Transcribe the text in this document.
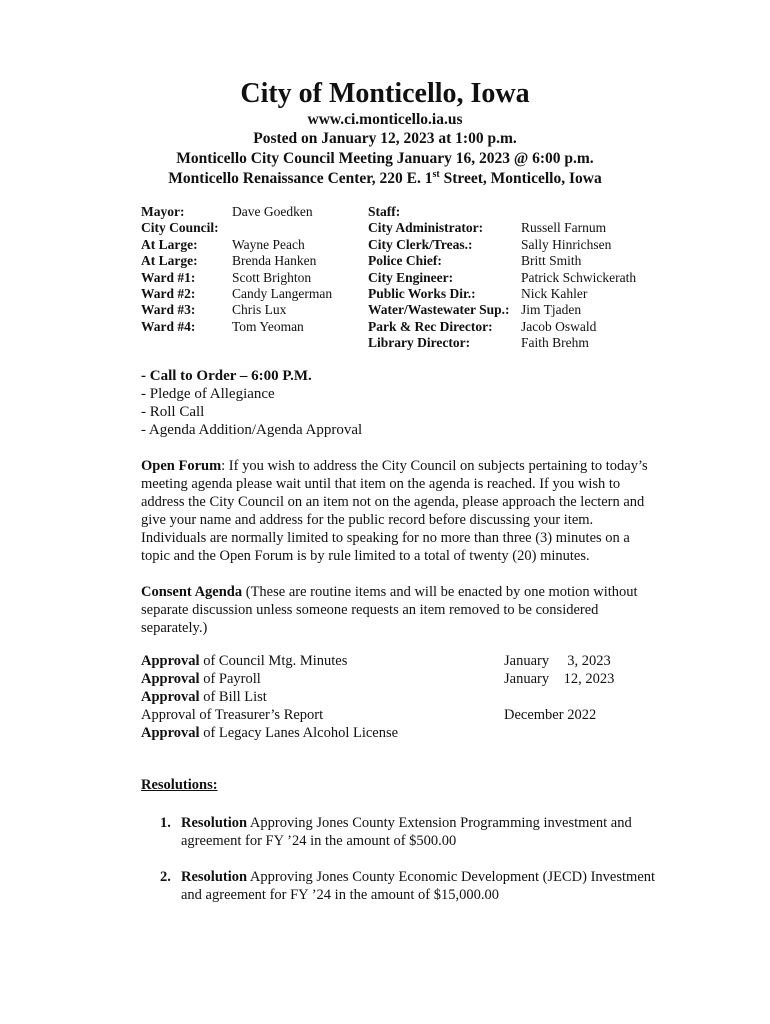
City of Monticello, Iowa
www.ci.monticello.ia.us
Posted on January 12, 2023 at 1:00 p.m.
Monticello City Council Meeting January 16, 2023 @ 6:00 p.m.
Monticello Renaissance Center, 220 E. 1st Street, Monticello, Iowa
Mayor:	Dave Goedken
City Council:
At Large:	Wayne Peach
At Large:	Brenda Hanken
Ward #1:	Scott Brighton
Ward #2:	Candy Langerman
Ward #3:	Chris Lux
Ward #4:	Tom Yeoman
Staff:
City Administrator:	Russell Farnum
City Clerk/Treas.:	Sally Hinrichsen
Police Chief:	Britt Smith
City Engineer:	Patrick Schwickerath
Public Works Dir.:	Nick Kahler
Water/Wastewater Sup.: Jim Tjaden
Park & Rec Director: Jacob Oswald
Library Director:	Faith Brehm
- Call to Order – 6:00 P.M.
- Pledge of Allegiance
- Roll Call
- Agenda Addition/Agenda Approval
Open Forum: If you wish to address the City Council on subjects pertaining to today’s meeting agenda please wait until that item on the agenda is reached. If you wish to address the City Council on an item not on the agenda, please approach the lectern and give your name and address for the public record before discussing your item. Individuals are normally limited to speaking for no more than three (3) minutes on a topic and the Open Forum is by rule limited to a total of twenty (20) minutes.
Consent Agenda (These are routine items and will be enacted by one motion without separate discussion unless someone requests an item removed to be considered separately.)
Approval of Council Mtg. Minutes	January     3, 2023
Approval of Payroll	January    12, 2023
Approval of Bill List
Approval of Treasurer’s Report	December 2022
Approval of Legacy Lanes Alcohol License
Resolutions:
1. Resolution Approving Jones County Extension Programming investment and agreement for FY ’24 in the amount of $500.00
2. Resolution Approving Jones County Economic Development (JECD) Investment and agreement for FY ’24 in the amount of $15,000.00
